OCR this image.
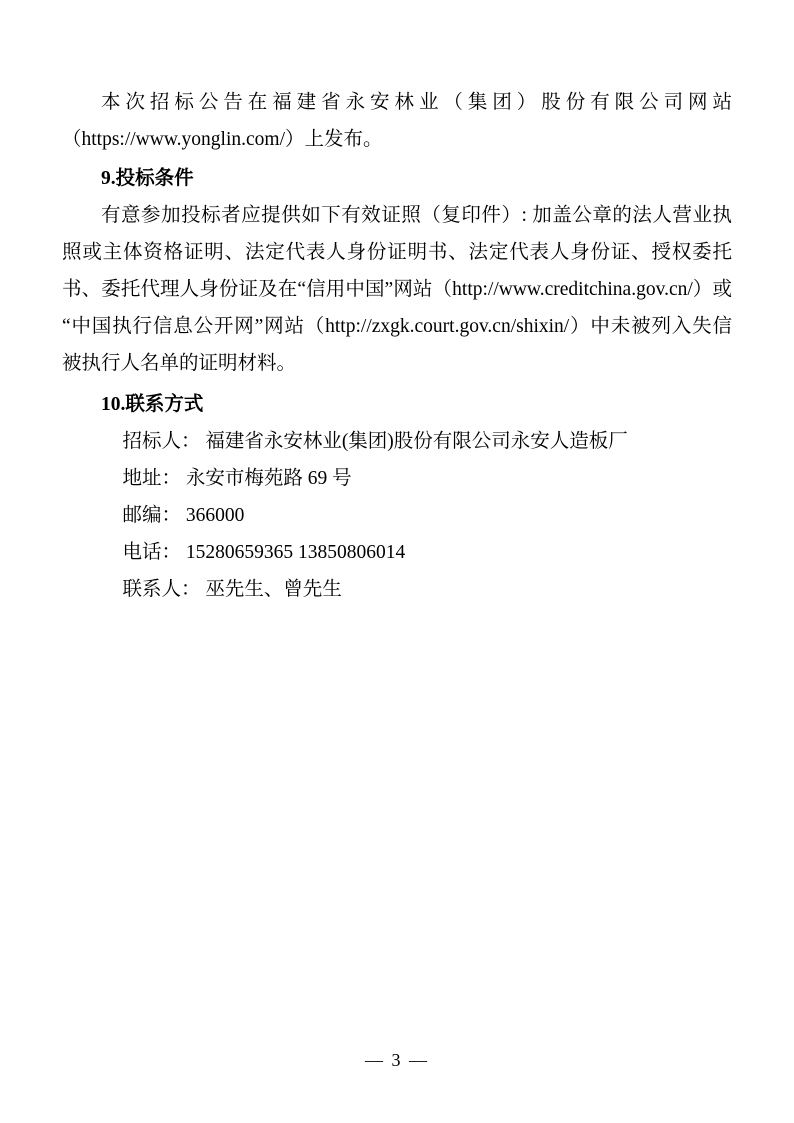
本次招标公告在福建省永安林业（集团）股份有限公司网站（https://www.yonglin.com/）上发布。

9.投标条件

有意参加投标者应提供如下有效证照（复印件）: 加盖公章的法人营业执照或主体资格证明、法定代表人身份证明书、法定代表人身份证、授权委托书、委托代理人身份证及在“信用中国”网站（http://www.creditchina.gov.cn/）或“中国执行信息公开网”网站（http://zxgk.court.gov.cn/shixin/）中未被列入失信被执行人名单的证明材料。

10.联系方式

招标人： 福建省永安林业(集团)股份有限公司永安人造板厂

地址： 永安市梅苑路 69 号

邮编： 366000

电话： 15280659365 13850806014

联系人： 巫先生、曾先生

— 3 —
